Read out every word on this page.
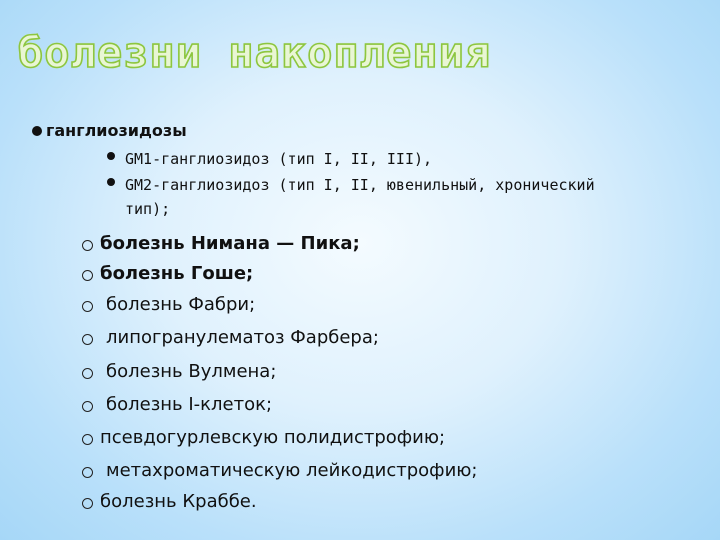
болезни накопления
ганглиозидозы
GM1-ганглиозидоз (тип I, II, III),
GM2-ганглиозидоз (тип I, II, ювенильный, хронический
тип);
болезнь Нимана — Пика;
болезнь Гоше;
болезнь Фабри;
липогранулематоз Фарбера;
болезнь Вулмена;
болезнь I-клеток;
псевдогурлевскую полидистрофию;
метахроматическую лейкодистрофию;
болезнь Краббе.
